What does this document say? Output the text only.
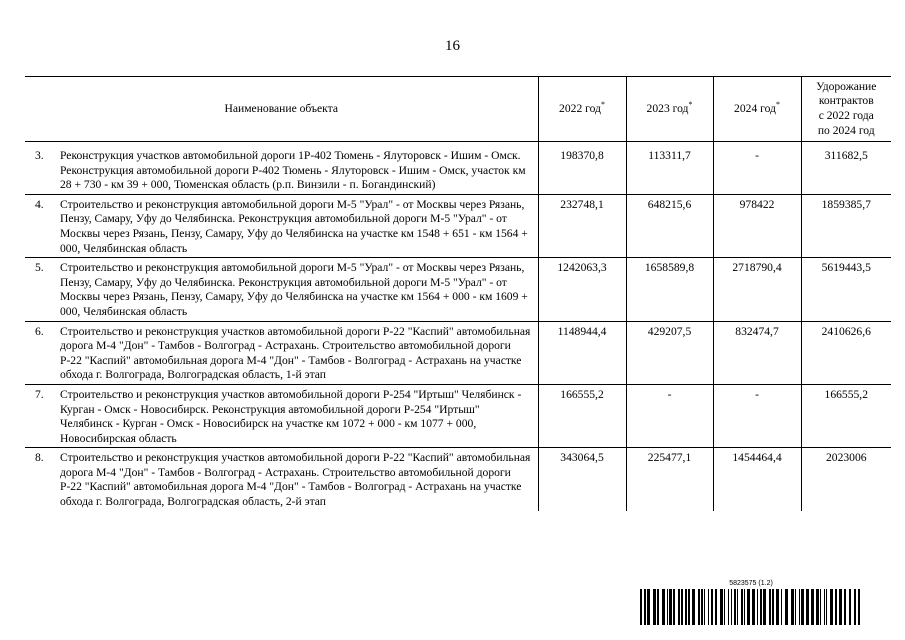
16
Наименование объекта		2022 год*	2023 год*	2024 год*	Удорожание
контрактов
с 2022 года
по 2024 год
3.	Реконструкция участков автомобильной дороги 1Р-402 Тюмень - Ялуторовск - Ишим - Омск. Реконструкция автомобильной дороги Р-402 Тюмень - Ялуторовск - Ишим - Омск, участок км 28 + 730 - км 39 + 000, Тюменская область (р.п. Винзили - п. Богандинский)	198370,8	113311,7	-	311682,5
4.	Строительство и реконструкция автомобильной дороги М-5 "Урал" - от Москвы через Рязань, Пензу, Самару, Уфу до Челябинска. Реконструкция автомобильной дороги М-5 "Урал" - от Москвы через Рязань, Пензу, Самару, Уфу до Челябинска на участке км 1548 + 651 - км 1564 + 000, Челябинская область	232748,1	648215,6	978422	1859385,7
5.	Строительство и реконструкция автомобильной дороги М-5 "Урал" - от Москвы через Рязань, Пензу, Самару, Уфу до Челябинска. Реконструкция автомобильной дороги М-5 "Урал" - от Москвы через Рязань, Пензу, Самару, Уфу до Челябинска на участке км 1564 + 000 - км 1609 + 000, Челябинская область	1242063,3	1658589,8	2718790,4	5619443,5
6.	Строительство и реконструкция участков автомобильной дороги Р-22 "Каспий" автомобильная дорога М-4 "Дон" - Тамбов - Волгоград - Астрахань. Строительство автомобильной дороги Р-22 "Каспий" автомобильная дорога М-4 "Дон" - Тамбов - Волгоград - Астрахань на участке обхода г. Волгограда, Волгоградская область, 1-й этап	1148944,4	429207,5	832474,7	2410626,6
7.	Строительство и реконструкция участков автомобильной дороги Р-254 "Иртыш" Челябинск - Курган - Омск - Новосибирск. Реконструкция автомобильной дороги Р-254 "Иртыш" Челябинск - Курган - Омск - Новосибирск на участке км 1072 + 000 - км 1077 + 000, Новосибирская область	166555,2	-	-	166555,2
8.	Строительство и реконструкция участков автомобильной дороги Р-22 "Каспий" автомобильная дорога М-4 "Дон" - Тамбов - Волгоград - Астрахань. Строительство автомобильной дороги Р-22 "Каспий" автомобильная дорога М-4 "Дон" - Тамбов - Волгоград - Астрахань на участке обхода г. Волгограда, Волгоградская область, 2-й этап	343064,5	225477,1	1454464,4	2023006
5823575 (1.2)
